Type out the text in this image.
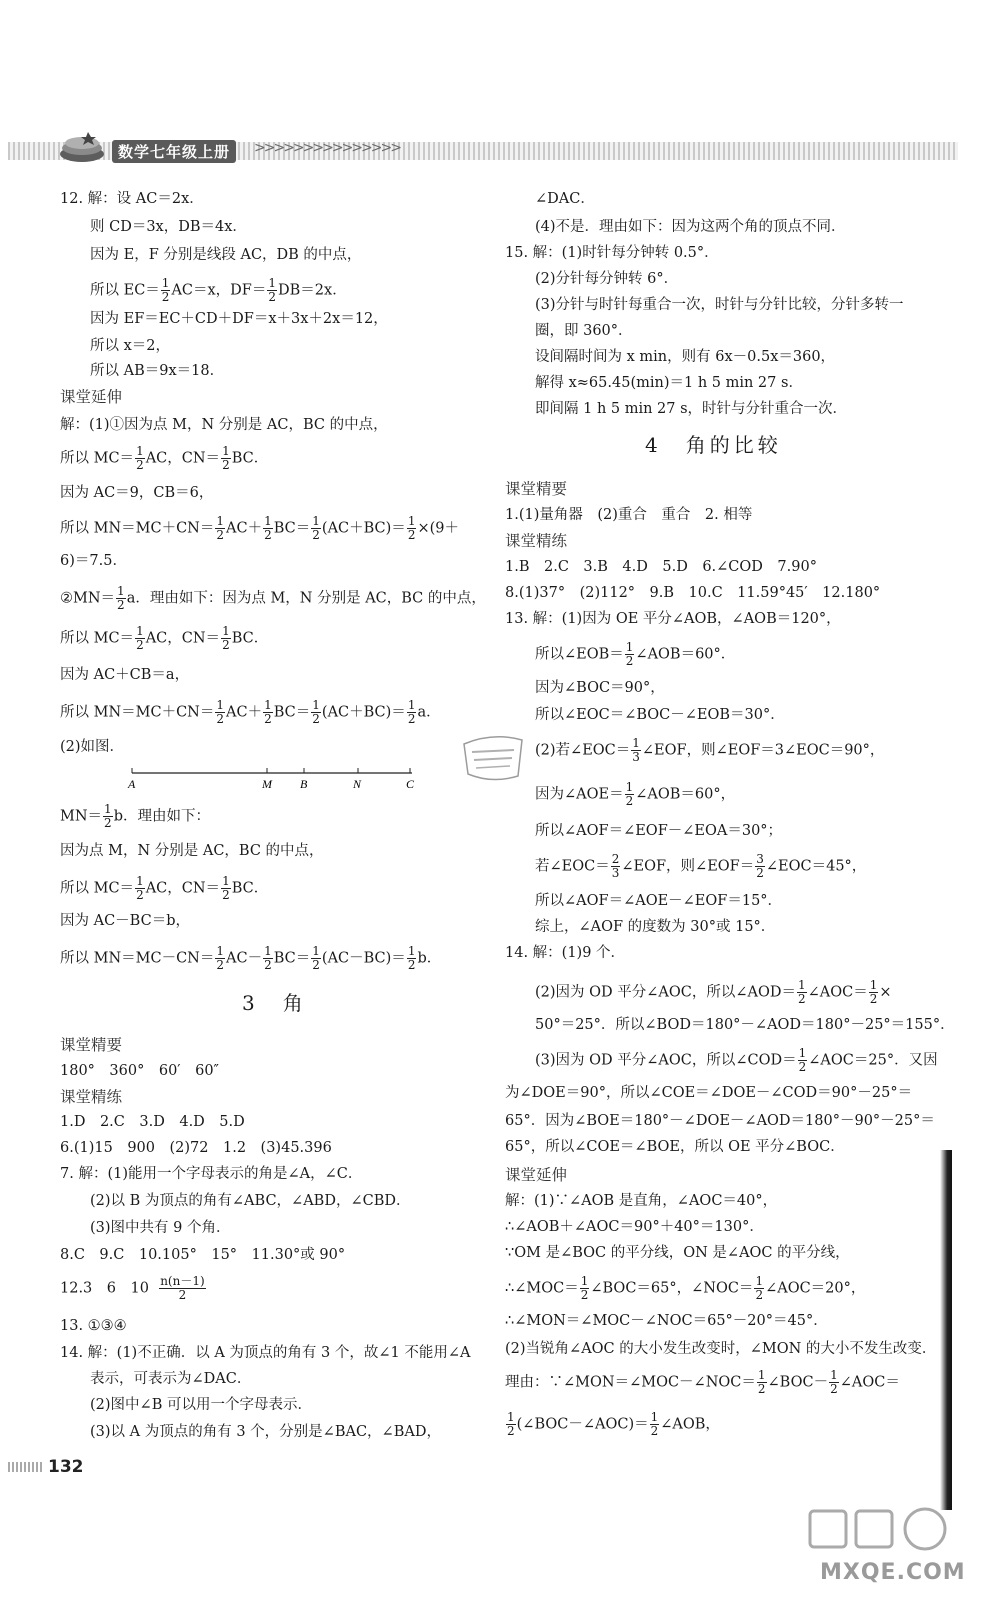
数学七年级上册	>>>>>>>>>>>>>>>
12. 解：设 AC＝2x．
则 CD＝3x，DB＝4x．
因为 E，F 分别是线段 AC，DB 的中点，
所以 $EC= \frac{1}{2} AC=x$，$DF= \frac{1}{2} DB=2x$．
因为 EF＝EC＋CD＋DF＝x＋3x＋2x＝12，
所以 x＝2，
所以 AB＝9x＝18．
课堂延伸
解：(1)①因为点 M，N 分别是 AC，BC 的中点，
所以 $MC= \frac{1}{2}$ AC，$CN= \frac{1}{2}$ BC．
因为 AC＝9，CB＝6，
所以 $MN=MC+CN= \frac{1}{2} AC+ \frac{1}{2} BC= \frac{1}{2} (AC+BC)= \frac{1}{2} \times(9+$
6)＝7.5．
②MN＝ $\frac{1}{2}$ a．理由如下：因为点 M，N 分别是 AC，BC 的中点，
所以 $MC= \frac{1}{2}$ AC，$CN= \frac{1}{2}$ BC．
因为 AC＋CB＝a，
所以 $MN=MC+CN= \frac{1}{2} AC+ \frac{1}{2} BC= \frac{1}{2} (AC+BC)= \frac{1}{2}$ a．
(2)如图．
A	M B	N	C
$MN= \frac{1}{2}$ b．理由如下：
因为点 M，N 分别是 AC，BC 的中点，
所以 $MC= \frac{1}{2}$ AC，$CN= \frac{1}{2}$ BC．
因为 AC－BC＝b，
所以 $MN=MC-CN= \frac{1}{2} AC- \frac{1}{2} BC= \frac{1}{2} (AC-BC)= \frac{1}{2}$ b．
3　角
课堂精要
180°　360°　60′　60″
课堂精练
1.D　2.C　3.D　4.D　5.D
6.(1)15　900　(2)72　1.2　(3)45.396
7. 解：(1)能用一个字母表示的角是∠A，∠C．
(2)以 B 为顶点的角有∠ABC，∠ABD，∠CBD．
(3)图中共有 9 个角．
8.C　9.C　10.105°　15°　11.30°或 90°
12.3　6　$10 \frac{n(n-1)}{2}$
13. ①③④
14. 解：(1)不正确．以 A 为顶点的角有 3 个，故∠1 不能用∠A
表示，可表示为∠DAC．
(2)图中∠B 可以用一个字母表示．
(3)以 A 为顶点的角有 3 个，分别是∠BAC，∠BAD，
∠DAC．
(4)不是．理由如下：因为这两个角的顶点不同．
15. 解：(1)时针每分钟转 0.5°．
(2)分针每分钟转 6°．
(3)分针与时针每重合一次，时针与分针比较，分针多转一
圈，即 360°．
设间隔时间为 x min，则有 6x－0.5x＝360，
解得 x≈65.45(min)＝1 h 5 min 27 s．
即间隔 1 h 5 min 27 s，时针与分针重合一次．
4　角的比较
课堂精要
1.(1)量角器　(2)重合　重合　2. 相等
课堂精练
1.B　2.C　3.B　4.D　5.D　6.∠COD　7.90°
8.(1)37°　(2)112°　9.B　10.C　11.59°45′　12.180°
13. 解：(1)因为 OE 平分∠AOB，∠AOB＝120°，
所以∠EOB＝ $\frac{1}{2}$ ∠AOB＝60°．
因为∠BOC＝90°，
所以∠EOC＝∠BOC－∠EOB＝30°．
(2)若∠EOC＝ $\frac{1}{3}$ ∠EOF，则∠EOF＝3∠EOC＝90°，
因为∠AOE＝ $\frac{1}{2}$ ∠AOB＝60°，
所以∠AOF＝∠EOF－∠EOA＝30°；
若∠EOC＝ $\frac{2}{3}$ ∠EOF，则∠EOF＝ $\frac{3}{2}$ ∠EOC＝45°，
所以∠AOF＝∠AOE－∠EOF＝15°．
综上，∠AOF 的度数为 30°或 15°．
14. 解：(1)9 个．
(2)因为 OD 平分∠AOC，所以∠AOD＝ $\frac{1}{2}$ ∠AOC＝ $\frac{1}{2}$ ×
50°＝25°．所以∠BOD＝180°－∠AOD＝180°－25°＝155°．
(3)因为 OD 平分∠AOC，所以∠COD＝ $\frac{1}{2}$ ∠AOC＝25°．又因
为∠DOE＝90°，所以∠COE＝∠DOE－∠COD＝90°－25°＝
65°．因为∠BOE＝180°－∠DOE－∠AOD＝180°－90°－25°＝
65°，所以∠COE＝∠BOE，所以 OE 平分∠BOC．
课堂延伸
解：(1)∵∠AOB 是直角，∠AOC＝40°，
∴∠AOB＋∠AOC＝90°＋40°＝130°．
∵OM 是∠BOC 的平分线，ON 是∠AOC 的平分线，
∴∠MOC＝ $\frac{1}{2}$ ∠BOC＝65°，∠NOC＝ $\frac{1}{2}$ ∠AOC＝20°，
∴∠MON＝∠MOC－∠NOC＝65°－20°＝45°．
(2)当锐角∠AOC 的大小发生改变时，∠MON 的大小不发生改变．
理由：∵∠MON＝∠MOC－∠NOC＝ $\frac{1}{2}$ ∠BOC－ $\frac{1}{2}$ ∠AOC＝
$\frac{1}{2}$ (∠BOC－∠AOC)＝ $\frac{1}{2}$ ∠AOB，
132
MXQE.COM
